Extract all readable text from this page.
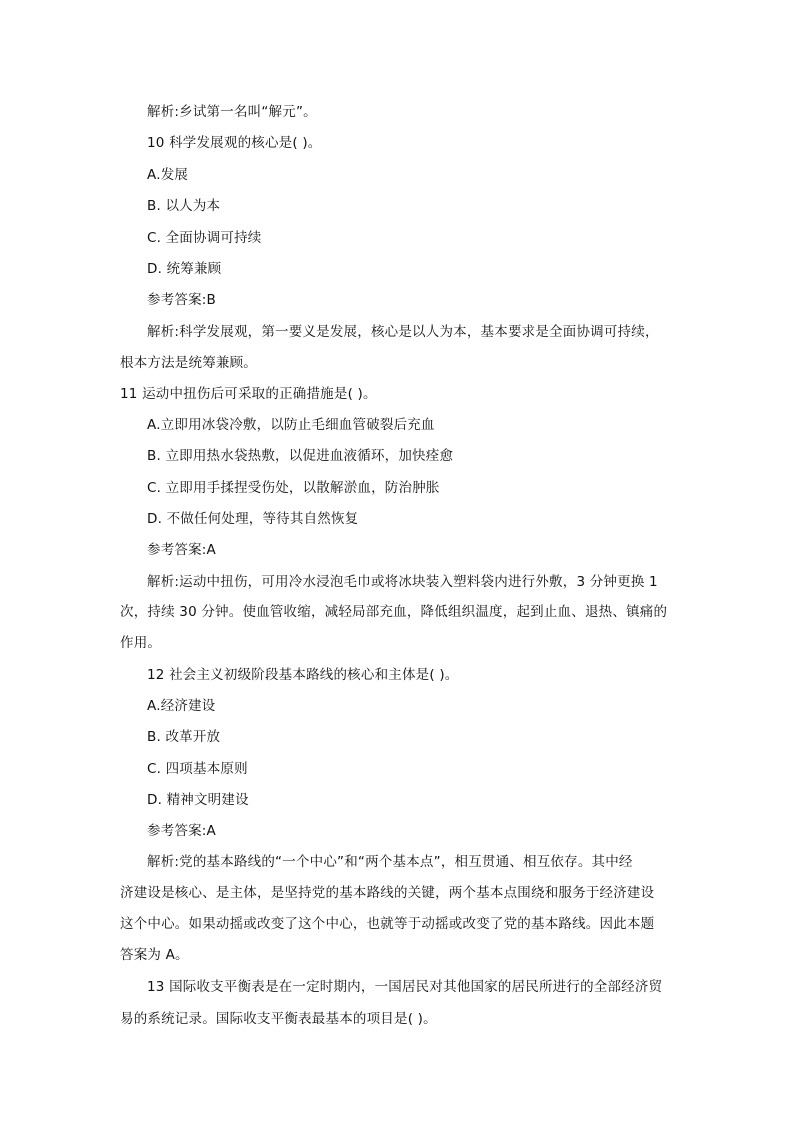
解析:乡试第一名叫“解元”。
10 科学发展观的核心是( )。
A.发展
B. 以人为本
C. 全面协调可持续
D. 统筹兼顾
参考答案:B
解析:科学发展观，第一要义是发展，核心是以人为本，基本要求是全面协调可持续，
根本方法是统筹兼顾。
11 运动中扭伤后可采取的正确措施是( )。
A.立即用冰袋冷敷，以防止毛细血管破裂后充血
B. 立即用热水袋热敷，以促进血液循环，加快痊愈
C. 立即用手揉捏受伤处，以散解淤血，防治肿胀
D. 不做任何处理，等待其自然恢复
参考答案:A
解析:运动中扭伤，可用冷水浸泡毛巾或将冰块装入塑料袋内进行外敷，3 分钟更换 1
次，持续 30 分钟。使血管收缩，减轻局部充血，降低组织温度，起到止血、退热、镇痛的
作用。
12 社会主义初级阶段基本路线的核心和主体是( )。
A.经济建设
B. 改革开放
C. 四项基本原则
D. 精神文明建设
参考答案:A
解析:党的基本路线的“一个中心”和“两个基本点”，相互贯通、相互依存。其中经
济建设是核心、是主体，是坚持党的基本路线的关键，两个基本点围绕和服务于经济建设
这个中心。如果动摇或改变了这个中心，也就等于动摇或改变了党的基本路线。因此本题
答案为 A。
13 国际收支平衡表是在一定时期内，一国居民对其他国家的居民所进行的全部经济贸
易的系统记录。国际收支平衡表最基本的项目是( )。
